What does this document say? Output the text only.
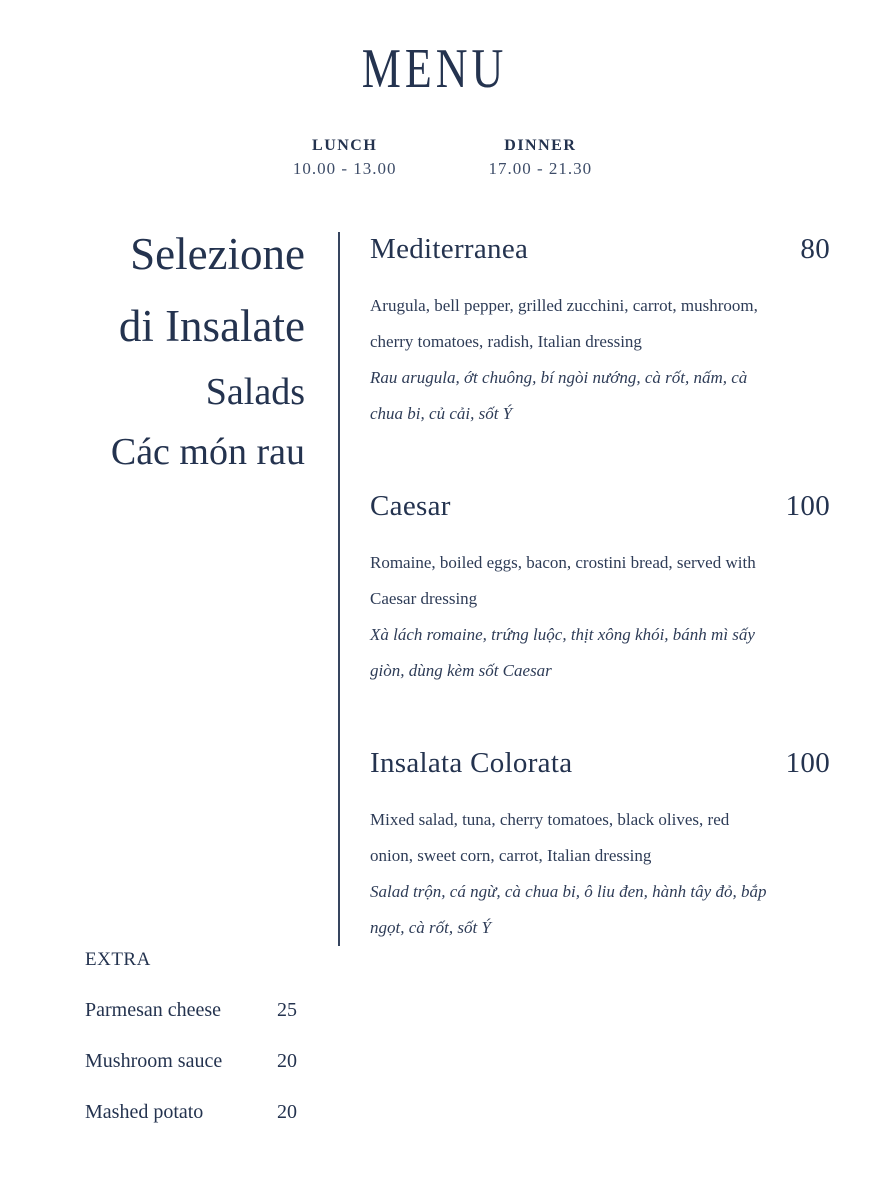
MENU
LUNCH
10.00 - 13.00
DINNER
17.00 - 21.30
Selezione
di Insalate
Salads
Các món rau
Mediterranea	80
Arugula, bell pepper, grilled zucchini, carrot, mushroom,
cherry tomatoes, radish, Italian dressing
Rau arugula, ớt chuông, bí ngòi nướng, cà rốt, nấm, cà
chua bi, củ cải, sốt Ý
Caesar	100
Romaine, boiled eggs, bacon, crostini bread, served with
Caesar dressing
Xà lách romaine, trứng luộc, thịt xông khói, bánh mì sấy
giòn, dùng kèm sốt Caesar
Insalata Colorata	100
Mixed salad, tuna, cherry tomatoes, black olives, red
onion, sweet corn, carrot, Italian dressing
Salad trộn, cá ngừ, cà chua bi, ô liu đen, hành tây đỏ, bắp
ngọt, cà rốt, sốt Ý
EXTRA
Parmesan cheese	25
Mushroom sauce	20
Mashed potato	20
